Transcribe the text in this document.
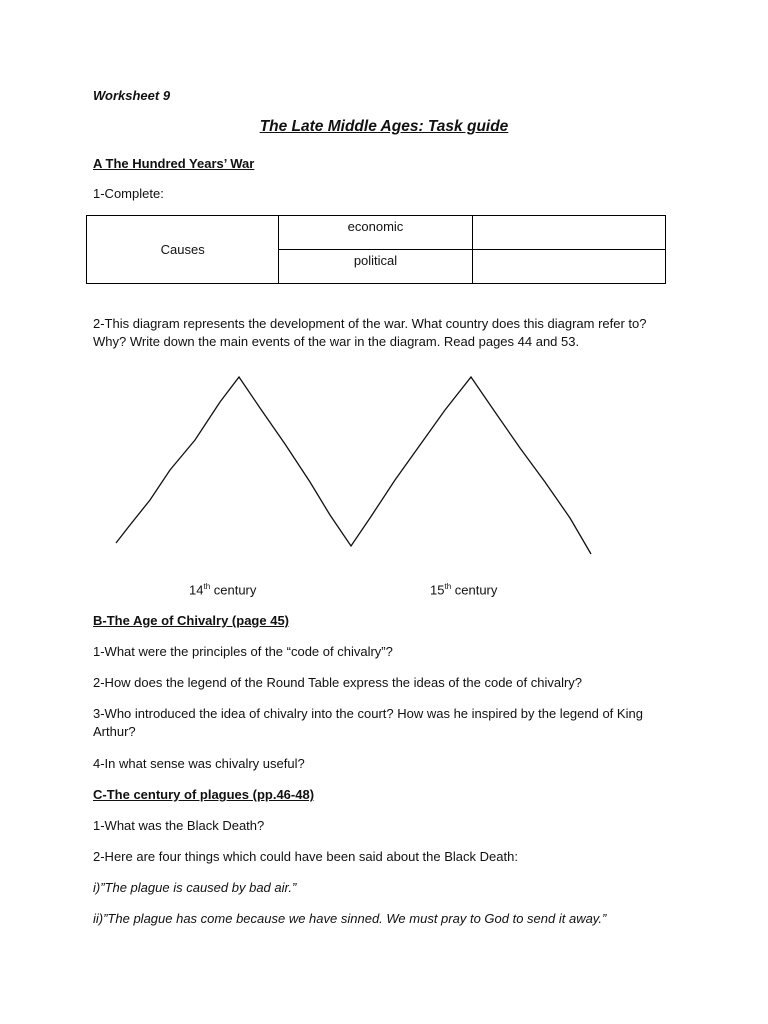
Worksheet 9
The Late Middle Ages: Task guide
A The Hundred Years’ War
1-Complete:
Causes	economic	
	political	
2-This diagram represents the development of the war. What country does this diagram refer to?
Why? Write down the main events of the war in the diagram. Read pages 44 and 53.
14th century	15th century
B-The Age of Chivalry (page 45)
1-What were the principles of the “code of chivalry”?
2-How does the legend of the Round Table express the ideas of the code of chivalry?
3-Who introduced the idea of chivalry into the court? How was he inspired by the legend of King
Arthur?
4-In what sense was chivalry useful?
C-The century of plagues (pp.46-48)
1-What was the Black Death?
2-Here are four things which could have been said about the Black Death:
i)”The plague is caused by bad air.”
ii)”The plague has come because we have sinned. We must pray to God to send it away.”
